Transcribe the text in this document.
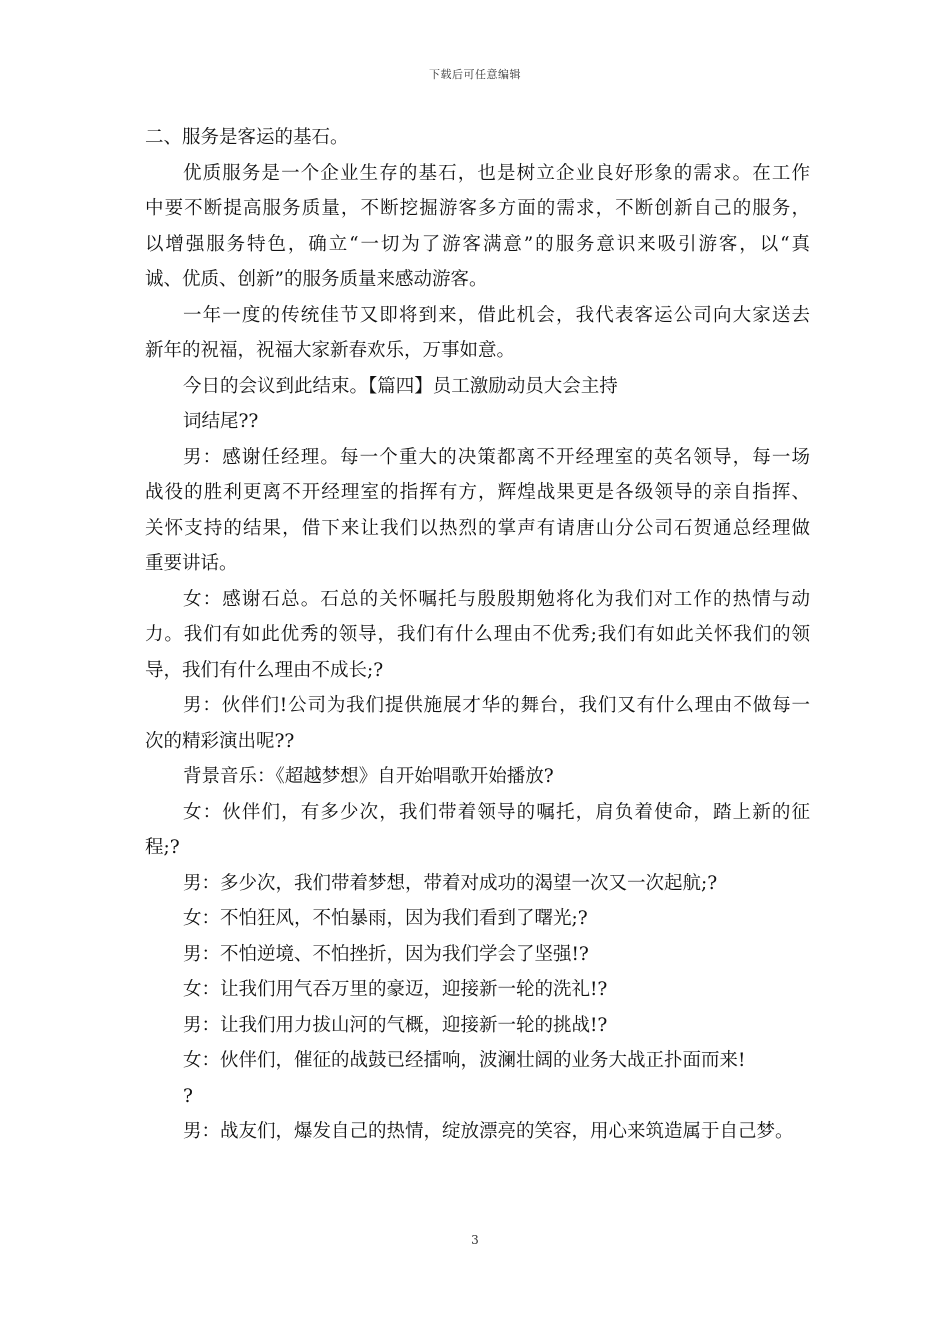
下载后可任意编辑
二、服务是客运的基石。
优质服务是一个企业生存的基石，也是树立企业良好形象的需求。在工作
中要不断提高服务质量，不断挖掘游客多方面的需求，不断创新自己的服务，
以增强服务特色，确立“一切为了游客满意”的服务意识来吸引游客，以“真
诚、优质、创新”的服务质量来感动游客。
一年一度的传统佳节又即将到来，借此机会，我代表客运公司向大家送去
新年的祝福，祝福大家新春欢乐，万事如意。
今日的会议到此结束。【篇四】员工激励动员大会主持
词结尾??
男：感谢任经理。每一个重大的决策都离不开经理室的英名领导，每一场
战役的胜利更离不开经理室的指挥有方，辉煌战果更是各级领导的亲自指挥、
关怀支持的结果，借下来让我们以热烈的掌声有请唐山分公司石贺通总经理做
重要讲话。
女：感谢石总。石总的关怀嘱托与殷殷期勉将化为我们对工作的热情与动
力。我们有如此优秀的领导，我们有什么理由不优秀;我们有如此关怀我们的领
导，我们有什么理由不成长;?
男：伙伴们!公司为我们提供施展才华的舞台，我们又有什么理由不做每一
次的精彩演出呢??
背景音乐：《超越梦想》自开始唱歌开始播放?
女：伙伴们，有多少次，我们带着领导的嘱托，肩负着使命，踏上新的征
程;?
男：多少次，我们带着梦想，带着对成功的渴望一次又一次起航;?
女：不怕狂风，不怕暴雨，因为我们看到了曙光;?
男：不怕逆境、不怕挫折，因为我们学会了坚强!?
女：让我们用气吞万里的豪迈，迎接新一轮的洗礼!?
男：让我们用力拔山河的气概，迎接新一轮的挑战!?
女：伙伴们，催征的战鼓已经擂响，波澜壮阔的业务大战正扑面而来!
?
男：战友们，爆发自己的热情，绽放漂亮的笑容，用心来筑造属于自己梦。
3
